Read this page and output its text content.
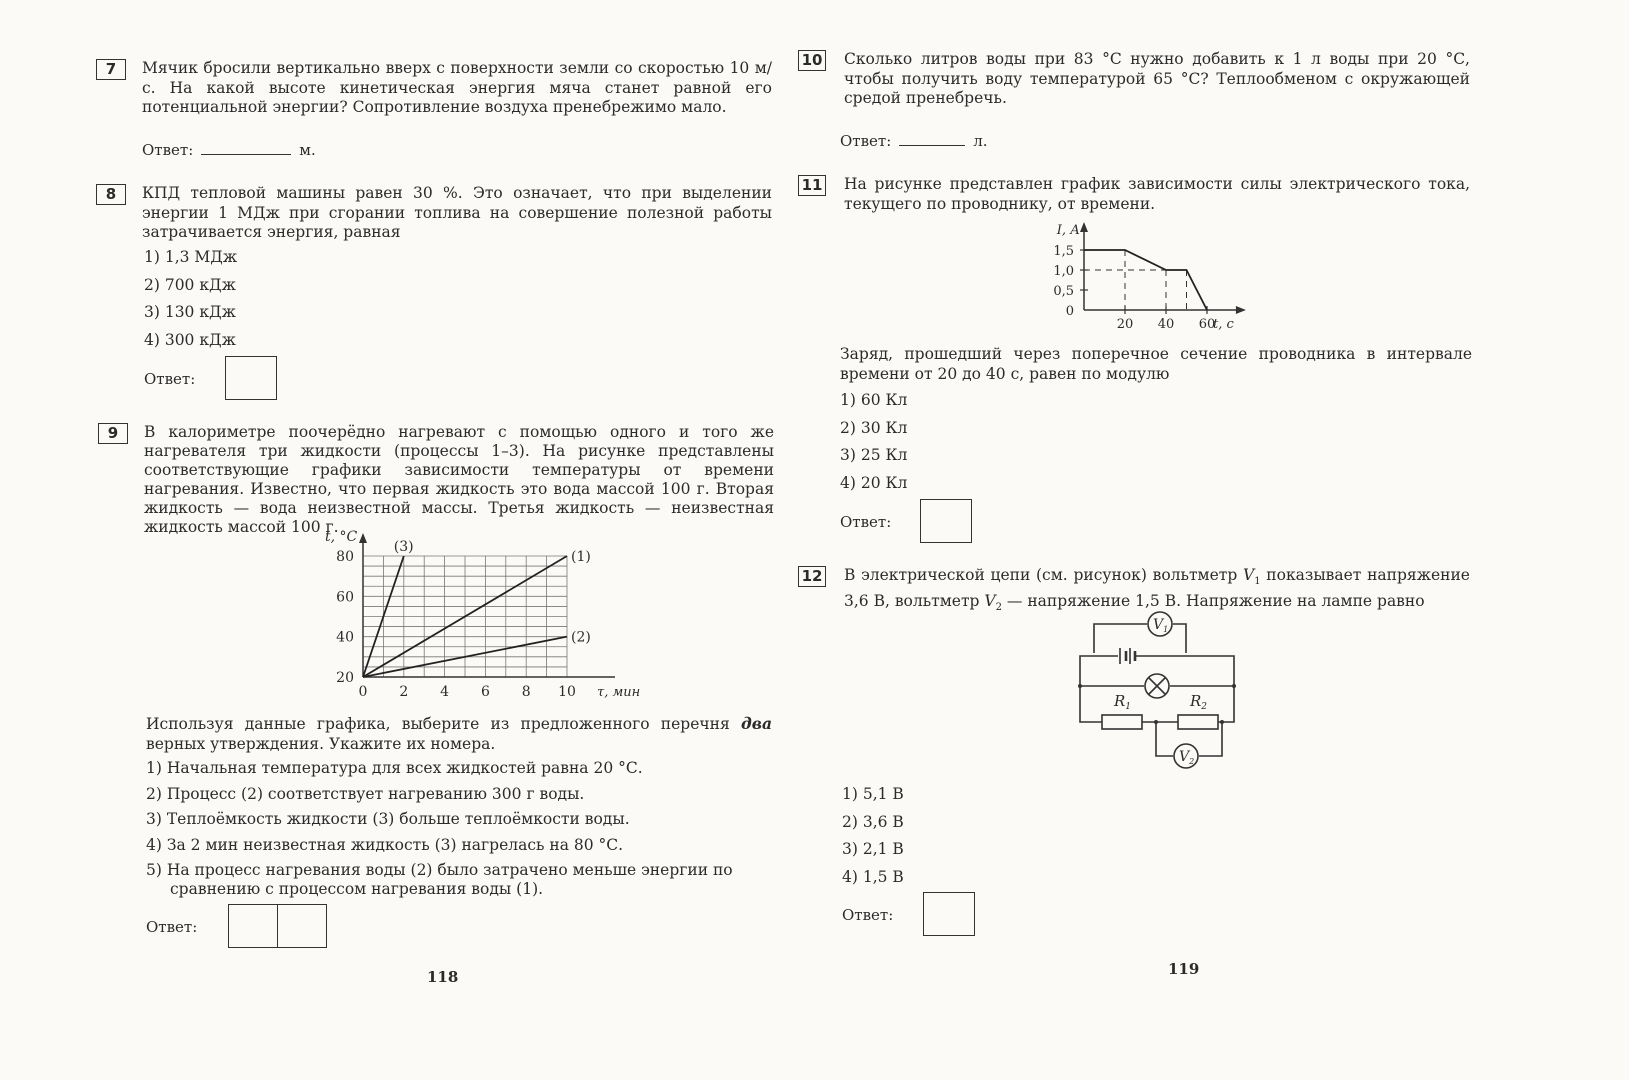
7	Мячик бросили вертикально вверх с поверхности земли со скоростью 10 м/с. На какой высоте кинетическая энергия мяча станет равной его потенциальной энергии? Сопротивление воздуха пренебрежимо мало.
Ответ:	м.
8	КПД тепловой машины равен 30 %. Это означает, что при выделении энергии 1 МДж при сгорании топлива на совершение полезной работы затрачивается энергия, равная
1) 1,3 МДж
2) 700 кДж
3) 130 кДж
4) 300 кДж
Ответ:
9	В калориметре поочерёдно нагревают с помощью одного и того же нагревателя три жидкости (процессы 1–3). На рисунке представлены соответствующие графики зависимости температуры от времени нагревания. Известно, что первая жидкость это вода массой 100 г. Вторая жидкость — вода неизвестной массы. Третья жидкость — неизвестная жидкость массой 100 г.
0 2 4 6 8 10
20
40
60
80
τ, мин
t, °С
(1)
(2)
(3)
Используя данные графика, выберите из предложенного перечня два верных утверждения. Укажите их номера.
1) Начальная температура для всех жидкостей равна 20 °С.
2) Процесс (2) соответствует нагреванию 300 г воды.
3) Теплоёмкость жидкости (3) больше теплоёмкости воды.
4) За 2 мин неизвестная жидкость (3) нагрелась на 80 °С.
5) На процесс нагревания воды (2) было затрачено меньше энергии по сравнению с процессом нагревания воды (1).
Ответ:
118
10 Сколько литров воды при 83 °С нужно добавить к 1 л воды при 20 °С, чтобы получить воду температурой 65 °С? Теплообменом с окружающей средой пренебречь.
Ответ:	л.
11 На рисунке представлен график зависимости силы электрического тока, текущего по проводнику, от времени.
0
0,5
1,0
1,5
20 40 60
t, с
I, А
Заряд, прошедший через поперечное сечение проводника в интервале времени от 20 до 40 с, равен по модулю
1) 60 Кл
2) 30 Кл
3) 25 Кл
4) 20 Кл
Ответ:
12 В электрической цепи (см. рисунок) вольтметр $V_1$ показывает напряжение 3,6 В, вольтметр $V_2$ — напряжение 1,5 В. Напряжение на лампе равно
$V_1$
$V_2$
$R_1$	$R_2$
1) 5,1 В
2) 3,6 В
3) 2,1 В
4) 1,5 В
Ответ:
119
